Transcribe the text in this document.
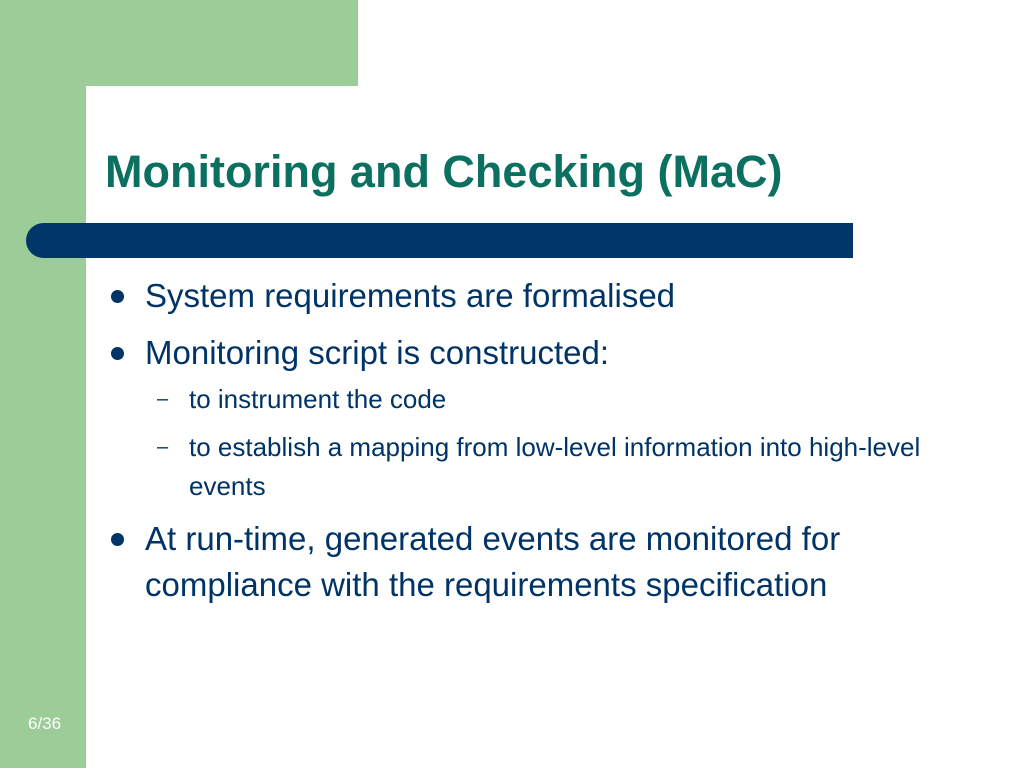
Monitoring and Checking (MaC)
System requirements are formalised
Monitoring script is constructed:
– to instrument the code
– to establish a mapping from low-level information into high-level events
At run-time, generated events are monitored for compliance with the requirements specification
6/36
